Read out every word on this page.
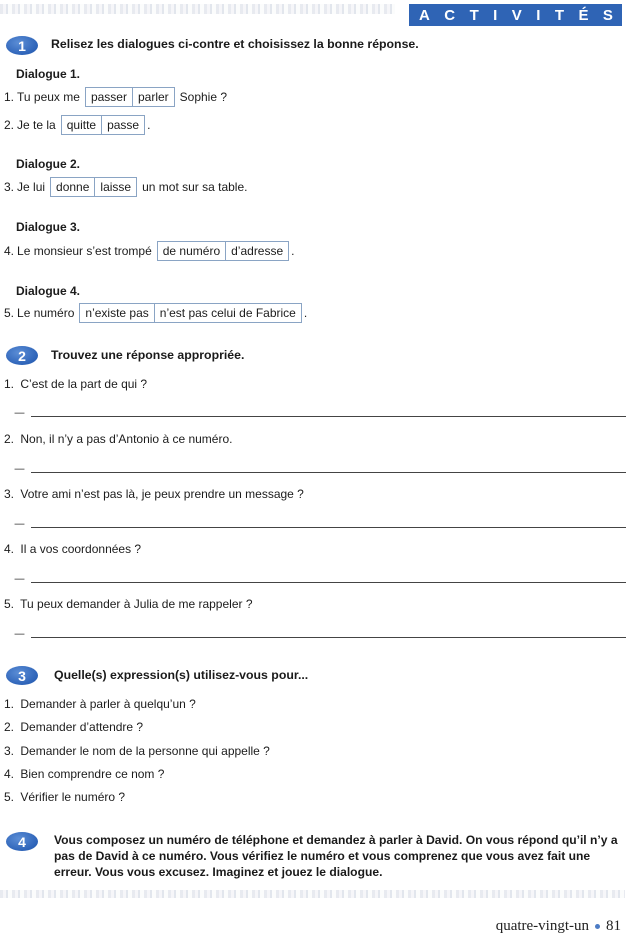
A C T I V I T É S
1	Relisez les dialogues ci-contre et choisissez la bonne réponse.
Dialogue 1.
1. Tu peux me passer parler Sophie ?
2. Je te la quitte passe .
Dialogue 2.
3. Je lui donne laisse un mot sur sa table.
Dialogue 3.
4. Le monsieur s’est trompé de numéro d’adresse .
Dialogue 4.
5. Le numéro n’existe pas n’est pas celui de Fabrice .
2	Trouvez une réponse appropriée.
1. C’est de la part de qui ?
—
2. Non, il n’y a pas d’Antonio à ce numéro.
—
3. Votre ami n’est pas là, je peux prendre un message ?
—
4. Il a vos coordonnées ?
—
5. Tu peux demander à Julia de me rappeler ?
—
3	Quelle(s) expression(s) utilisez-vous pour...
1. Demander à parler à quelqu’un ?
2. Demander d’attendre ?
3. Demander le nom de la personne qui appelle ?
4. Bien comprendre ce nom ?
5. Vérifier le numéro ?
4	Vous composez un numéro de téléphone et demandez à parler à David. On vous répond qu’il n’y a pas de David à ce numéro. Vous vérifiez le numéro et vous comprenez que vous avez fait une erreur. Vous vous excusez. Imaginez et jouez le dialogue.
quatre-vingt-un 81
